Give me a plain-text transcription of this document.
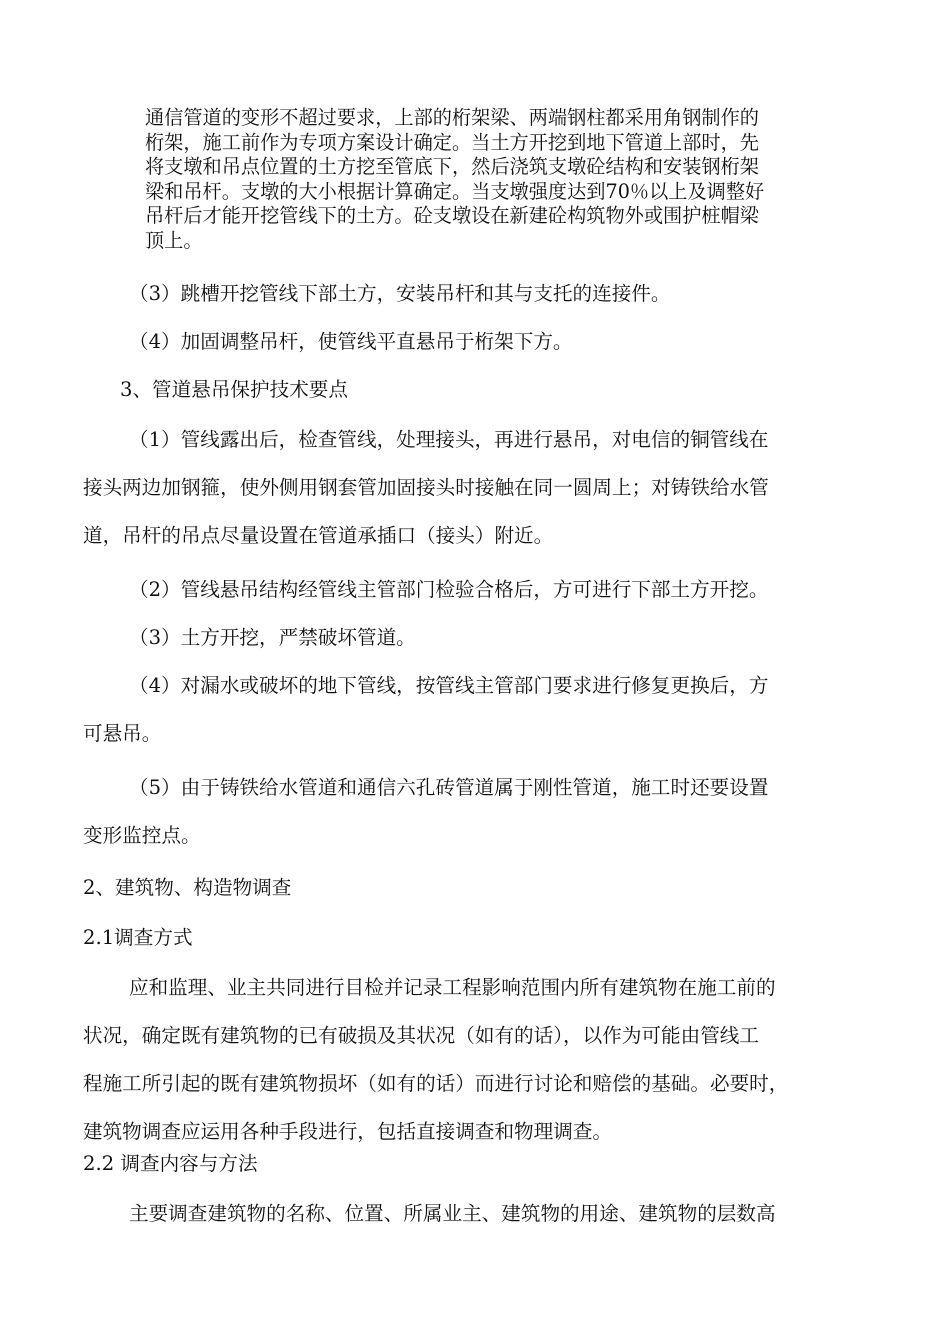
通信管道的变形不超过要求，上部的桁架梁、两端钢柱都采用角钢制作的
桁架，施工前作为专项方案设计确定。当土方开挖到地下管道上部时，先
将支墩和吊点位置的土方挖至管底下，然后浇筑支墩砼结构和安装钢桁架
梁和吊杆。支墩的大小根据计算确定。当支墩强度达到70％以上及调整好
吊杆后才能开挖管线下的土方。砼支墩设在新建砼构筑物外或围护桩帽梁
顶上。

（3）跳槽开挖管线下部土方，安装吊杆和其与支托的连接件。

（4）加固调整吊杆，使管线平直悬吊于桁架下方。

3、管道悬吊保护技术要点

（1）管线露出后，检查管线，处理接头，再进行悬吊，对电信的铜管线在
接头两边加钢箍，使外侧用钢套管加固接头时接触在同一圆周上；对铸铁给水管
道，吊杆的吊点尽量设置在管道承插口（接头）附近。

（2）管线悬吊结构经管线主管部门检验合格后，方可进行下部土方开挖。

（3）土方开挖，严禁破坏管道。

（4）对漏水或破坏的地下管线，按管线主管部门要求进行修复更换后，方
可悬吊。
（5）由于铸铁给水管道和通信六孔砖管道属于刚性管道，施工时还要设置
变形监控点。

2、建筑物、构造物调查

2.1调查方式

应和监理、业主共同进行目检并记录工程影响范围内所有建筑物在施工前的
状况，确定既有建筑物的已有破损及其状况（如有的话），以作为可能由管线工
程施工所引起的既有建筑物损坏（如有的话）而进行讨论和赔偿的基础。必要时，
建筑物调查应运用各种手段进行，包括直接调查和物理调查。

2.2 调查内容与方法

主要调查建筑物的名称、位置、所属业主、建筑物的用途、建筑物的层数高
